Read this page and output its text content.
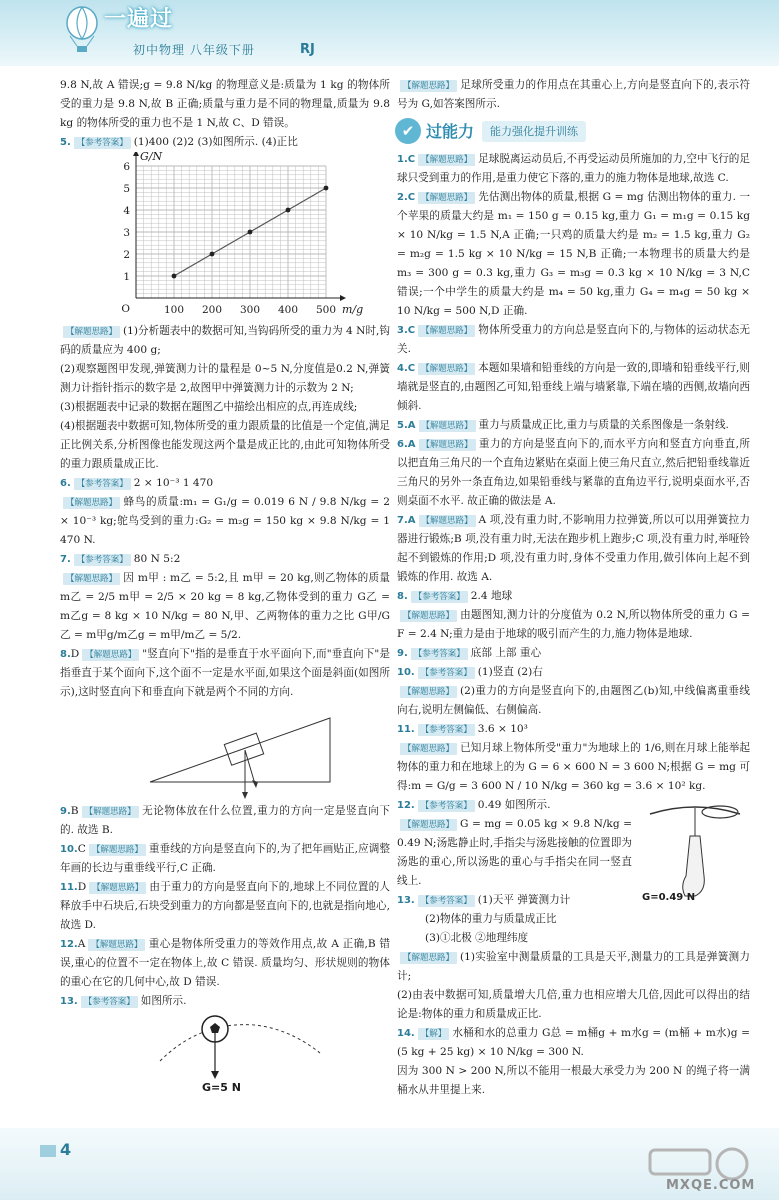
一遍过
初中物理 八年级下册	RJ

9.8 N,故 A 错误;g = 9.8 N/kg 的物理意义是:质量为 1 kg 的物体所受的重力是 9.8 N,故 B 正确;质量与重力是不同的物理量,质量为 9.8 kg 的物体所受的重力也不是 1 N,故 C、D 错误。

5. 【参考答案】 (1)400 (2)2 (3)如图所示. (4)正比

100 200 300 400 500
1
2
3
4
5
6
O
G/N
m/g

【解题思路】 (1)分析题表中的数据可知,当钩码所受的重力为 4 N时,钩码的质量应为 400 g;

(2)观察题图甲发现,弹簧测力计的量程是 0~5 N,分度值是0.2 N,弹簧测力计指针指示的数字是 2,故图甲中弹簧测力计的示数为 2 N;

(3)根据题表中记录的数据在题图乙中描绘出相应的点,再连成线;

(4)根据题表中数据可知,物体所受的重力跟质量的比值是一个定值,满足正比例关系,分析图像也能发现这两个量是成正比的,由此可知物体所受的重力跟质量成正比.

6. 【参考答案】 2 × 10⁻³ 1 470

【解题思路】 蜂鸟的质量:m₁ = G₁/g = 0.019 6 N / 9.8 N/kg = 2 × 10⁻³ kg;鸵鸟受到的重力:G₂ = m₂g = 150 kg × 9.8 N/kg = 1 470 N.

7. 【参考答案】 80 N 5:2

【解题思路】 因 m甲 : m乙 = 5:2,且 m甲 = 20 kg,则乙物体的质量 m乙 = 2/5 m甲 = 2/5 × 20 kg = 8 kg,乙物体受到的重力 G乙 = m乙g = 8 kg × 10 N/kg = 80 N,甲、乙两物体的重力之比 G甲/G乙 = m甲g/m乙g = m甲/m乙 = 5/2.

8.D 【解题思路】 "竖直向下"指的是垂直于水平面向下,而"垂直向下"是指垂直于某个面向下,这个面不一定是水平面,如果这个面是斜面(如图所示),这时竖直向下和垂直向下就是两个不同的方向.

9.B 【解题思路】 无论物体放在什么位置,重力的方向一定是竖直向下的. 故选 B.

10.C 【解题思路】 重垂线的方向是竖直向下的,为了把年画贴正,应调整年画的长边与重垂线平行,C 正确.

11.D 【解题思路】 由于重力的方向是竖直向下的,地球上不同位置的人释放手中石块后,石块受到重力的方向都是竖直向下的,也就是指向地心,故选 D.

12.A 【解题思路】 重心是物体所受重力的等效作用点,故 A 正确,B 错误,重心的位置不一定在物体上,故 C 错误. 质量均匀、形状规则的物体的重心在它的几何中心,故 D 错误.

13. 【参考答案】 如图所示.

G=5 N

【解题思路】 足球所受重力的作用点在其重心上,方向是竖直向下的,表示符号为 G,如答案图所示.

✔ 过能力	能力强化提升训练

1.C 【解题思路】 足球脱离运动员后,不再受运动员所施加的力,空中飞行的足球只受到重力的作用,是重力使它下落的,重力的施力物体是地球,故选 C.

2.C 【解题思路】 先估测出物体的质量,根据 G = mg 估测出物体的重力. 一个苹果的质量大约是 m₁ = 150 g = 0.15 kg,重力 G₁ = m₁g = 0.15 kg × 10 N/kg = 1.5 N,A 正确;一只鸡的质量大约是 m₂ = 1.5 kg,重力 G₂ = m₂g = 1.5 kg × 10 N/kg = 15 N,B 正确;一本物理书的质量大约是 m₃ = 300 g = 0.3 kg,重力 G₃ = m₃g = 0.3 kg × 10 N/kg = 3 N,C 错误;一个中学生的质量大约是 m₄ = 50 kg,重力 G₄ = m₄g = 50 kg × 10 N/kg = 500 N,D 正确.

3.C 【解题思路】 物体所受重力的方向总是竖直向下的,与物体的运动状态无关.

4.C 【解题思路】 本题如果墙和铅垂线的方向是一致的,即墙和铅垂线平行,则墙就是竖直的,由题图乙可知,铅垂线上端与墙紧靠,下端在墙的西侧,故墙向西倾斜.

5.A 【解题思路】 重力与质量成正比,重力与质量的关系图像是一条射线.

6.A 【解题思路】 重力的方向是竖直向下的,而水平方向和竖直方向垂直,所以把直角三角尺的一个直角边紧贴在桌面上使三角尺直立,然后把铅垂线靠近三角尺的另外一条直角边,如果铅垂线与紧靠的直角边平行,说明桌面水平,否则桌面不水平. 故正确的做法是 A.

7.A 【解题思路】 A 项,没有重力时,不影响用力拉弹簧,所以可以用弹簧拉力器进行锻炼;B 项,没有重力时,无法在跑步机上跑步;C 项,没有重力时,举哑铃起不到锻炼的作用;D 项,没有重力时,身体不受重力作用,做引体向上起不到锻炼的作用. 故选 A.

8. 【参考答案】 2.4 地球

【解题思路】 由题图知,测力计的分度值为 0.2 N,所以物体所受的重力 G = F = 2.4 N;重力是由于地球的吸引而产生的力,施力物体是地球.

9. 【参考答案】 底部 上部 重心

10. 【参考答案】 (1)竖直 (2)右

【解题思路】 (2)重力的方向是竖直向下的,由题图乙(b)知,中线偏离重垂线向右,说明左侧偏低、右侧偏高.

11. 【参考答案】 3.6 × 10³

【解题思路】 已知月球上物体所受"重力"为地球上的 1/6,则在月球上能举起物体的重力和在地球上的为 G = 6 × 600 N = 3 600 N;根据 G = mg 可得:m = G/g = 3 600 N / 10 N/kg = 360 kg = 3.6 × 10² kg.

G=0.49 N

12. 【参考答案】 0.49 如图所示.

【解题思路】 G = mg = 0.05 kg × 9.8 N/kg = 0.49 N;汤匙静止时,手指尖与汤匙接触的位置即为汤匙的重心,所以汤匙的重心与手指尖在同一竖直线上.

13. 【参考答案】 (1)天平 弹簧测力计

(2)物体的重力与质量成正比

(3)①北极 ②地理纬度

【解题思路】 (1)实验室中测量质量的工具是天平,测量力的工具是弹簧测力计;

(2)由表中数据可知,质量增大几倍,重力也相应增大几倍,因此可以得出的结论是:物体的重力和质量成正比.

14. 【解】 水桶和水的总重力 G总 = m桶g + m水g = (m桶 + m水)g = (5 kg + 25 kg) × 10 N/kg = 300 N.

因为 300 N > 200 N,所以不能用一根最大承受力为 200 N 的绳子将一满桶水从井里提上来.

4
MXQE.COM
